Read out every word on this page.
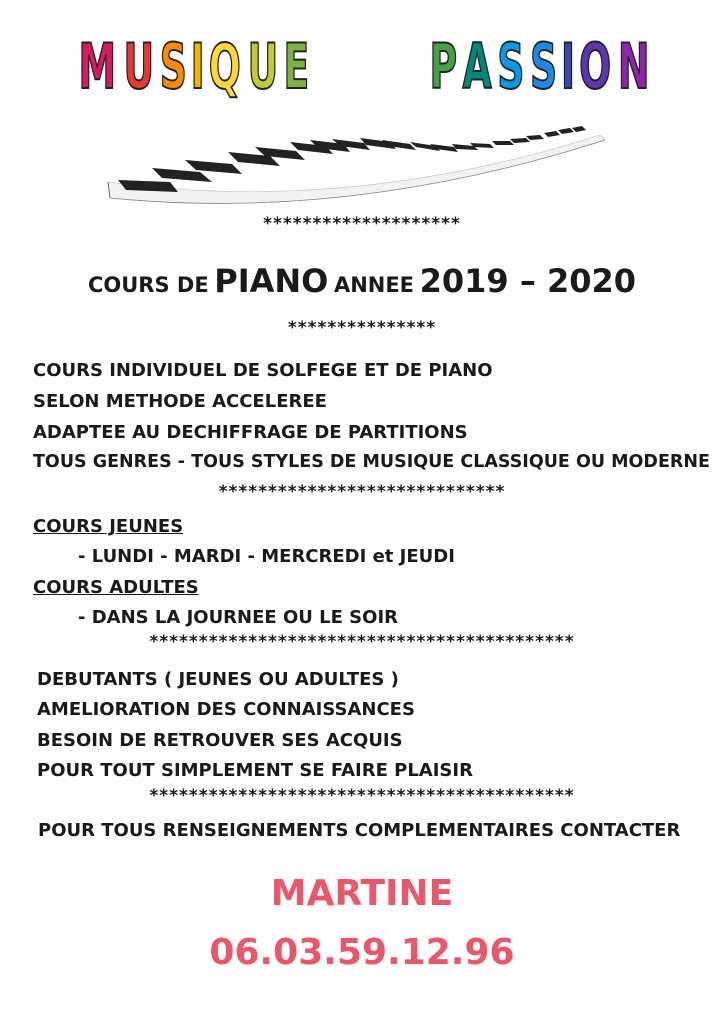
M U SIQ U E P A S SIO N
********************
COURS DE PIANO ANNEE 2019 – 2020
***************
COURS INDIVIDUEL DE SOLFEGE ET DE PIANO
SELON METHODE ACCELEREE
ADAPTEE AU DECHIFFRAGE DE PARTITIONS
TOUS GENRES - TOUS STYLES DE MUSIQUE CLASSIQUE OU MODERNE
*****************************
COURS JEUNES
- LUNDI - MARDI - MERCREDI et JEUDI
COURS ADULTES
- DANS LA JOURNEE OU LE SOIR
*******************************************
DEBUTANTS ( JEUNES OU ADULTES )
AMELIORATION DES CONNAISSANCES
BESOIN DE RETROUVER SES ACQUIS
POUR TOUT SIMPLEMENT SE FAIRE PLAISIR
*******************************************
POUR TOUS RENSEIGNEMENTS COMPLEMENTAIRES CONTACTER
MARTINE
06.03.59.12.96
